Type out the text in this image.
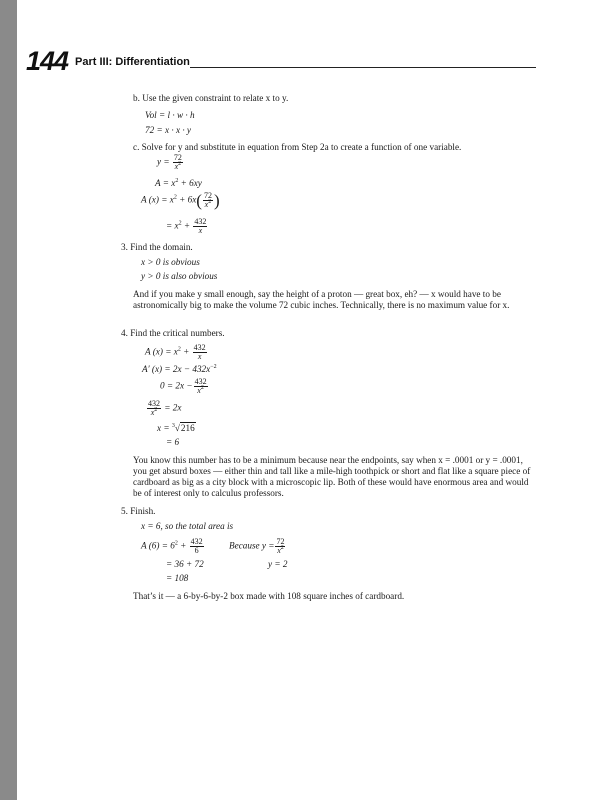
144 Part III: Differentiation
b. Use the given constraint to relate x to y.
Vol = l · w · h
72 = x · x · y
c. Solve for y and substitute in equation from Step 2a to create a function of one variable.
$y = \frac{72}{x^2}$
$A = x^2 + 6xy$
A $(x) = x^2 + 6x( \frac{72}{x^2}$ )
= $x^2 + \frac{432}{x}$
3. Find the domain.
x > 0 is obvious
y > 0 is also obvious
And if you make y small enough, say the height of a proton — great box, eh? — x would have to be astronomically big to make the volume 72 cubic inches. Technically, there is no maximum value for x.
4. Find the critical numbers.
A $(x) = x^2 + \frac{432}{x}$
A′ $(x) = 2x - 432x^{-2}$
$0 = 2x - \frac{432}{x^2}$
$\frac{432}{x^2} = 2x$
x = $^3$√216
= 6
You know this number has to be a minimum because near the endpoints, say when x = .0001 or y = .0001, you get absurd boxes — either thin and tall like a mile-high toothpick or short and flat like a square piece of cardboard as big as a city block with a microscopic lip. Both of these would have enormous area and would be of interest only to calculus professors.
5. Finish.
x = 6, so the total area is
A $(6) = 6^2 + \frac{432}{6}$	Because $y = \frac{72}{x^2}$
= 36 + 72	y = 2
= 108
That’s it — a 6-by-6-by-2 box made with 108 square inches of cardboard.
